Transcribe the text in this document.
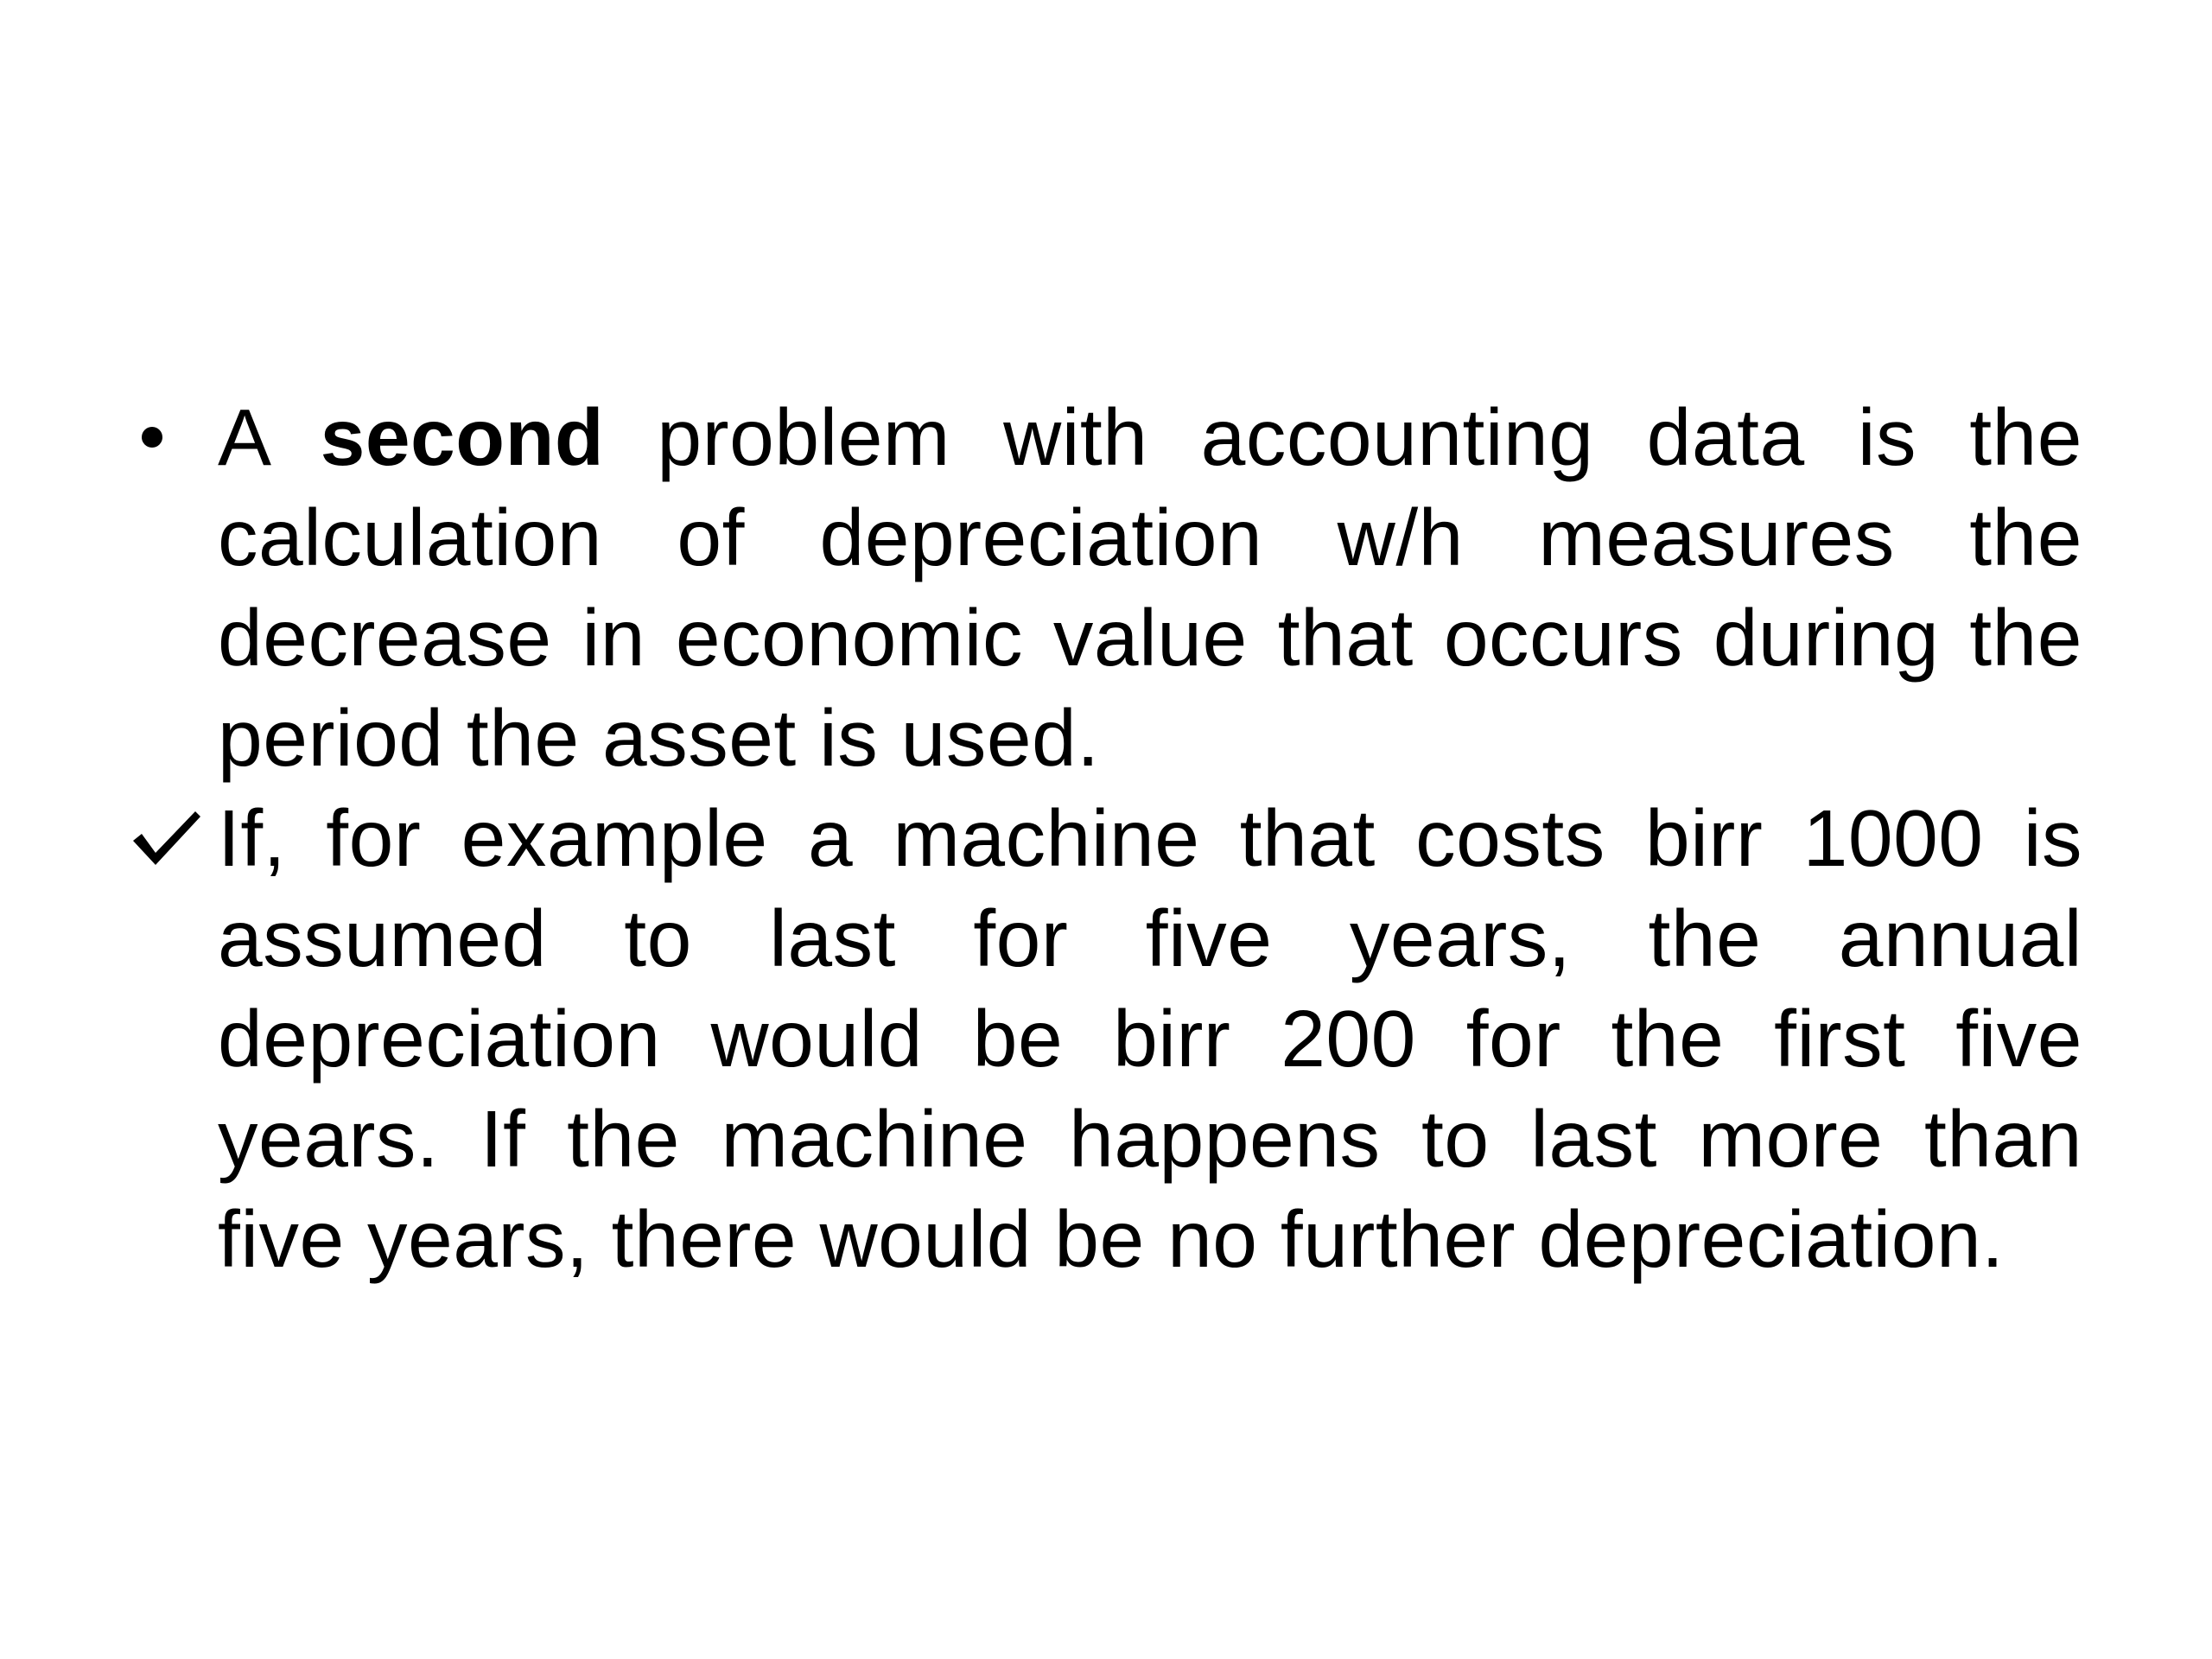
A second problem with accounting data is the calculation of depreciation w/h measures the decrease in economic value that occurs during the period the asset is used.
If, for example a machine that costs birr 1000 is assumed to last for five years, the annual depreciation would be birr 200 for the first five years. If the machine happens to last more than five years, there would be no further depreciation.
